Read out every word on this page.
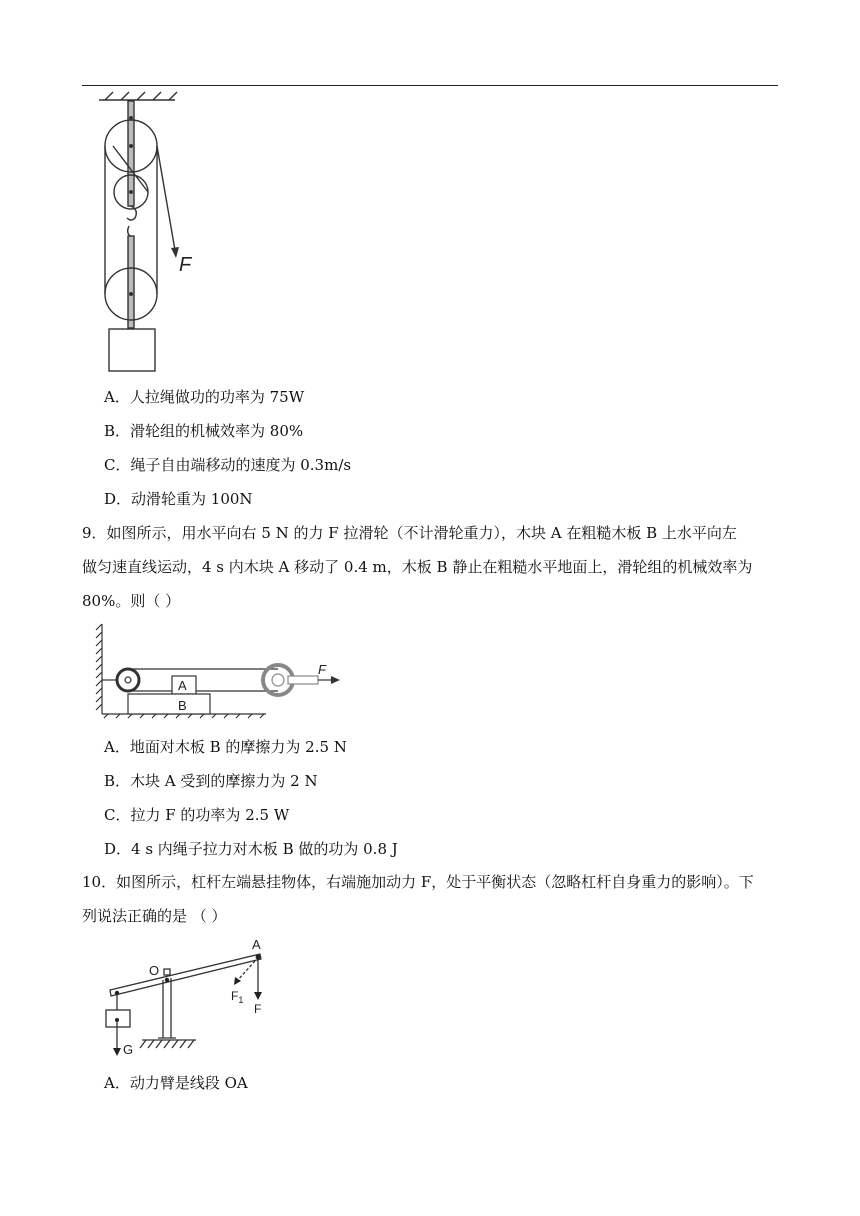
F
A．人拉绳做功的功率为 75W
B．滑轮组的机械效率为 80%
C．绳子自由端移动的速度为 0.3m/s
D．动滑轮重为 100N
9．如图所示，用水平向右 5 N 的力 F 拉滑轮（不计滑轮重力），木块 A 在粗糙木板 B 上水平向左
做匀速直线运动，4 s 内木块 A 移动了 0.4 m，木板 B 静止在粗糙水平地面上，滑轮组的机械效率为
80%。则（ ）
A
B
F
A．地面对木板 B 的摩擦力为 2.5 N
B．木块 A 受到的摩擦力为 2 N
C．拉力 F 的功率为 2.5 W
D．4 s 内绳子拉力对木板 B 做的功为 0.8 J
10．如图所示，杠杆左端悬挂物体，右端施加动力 F，处于平衡状态（忽略杠杆自身重力的影响）。下
列说法正确的是 （ ）
O
A
$F_1$
F
G
A．动力臂是线段 OA
